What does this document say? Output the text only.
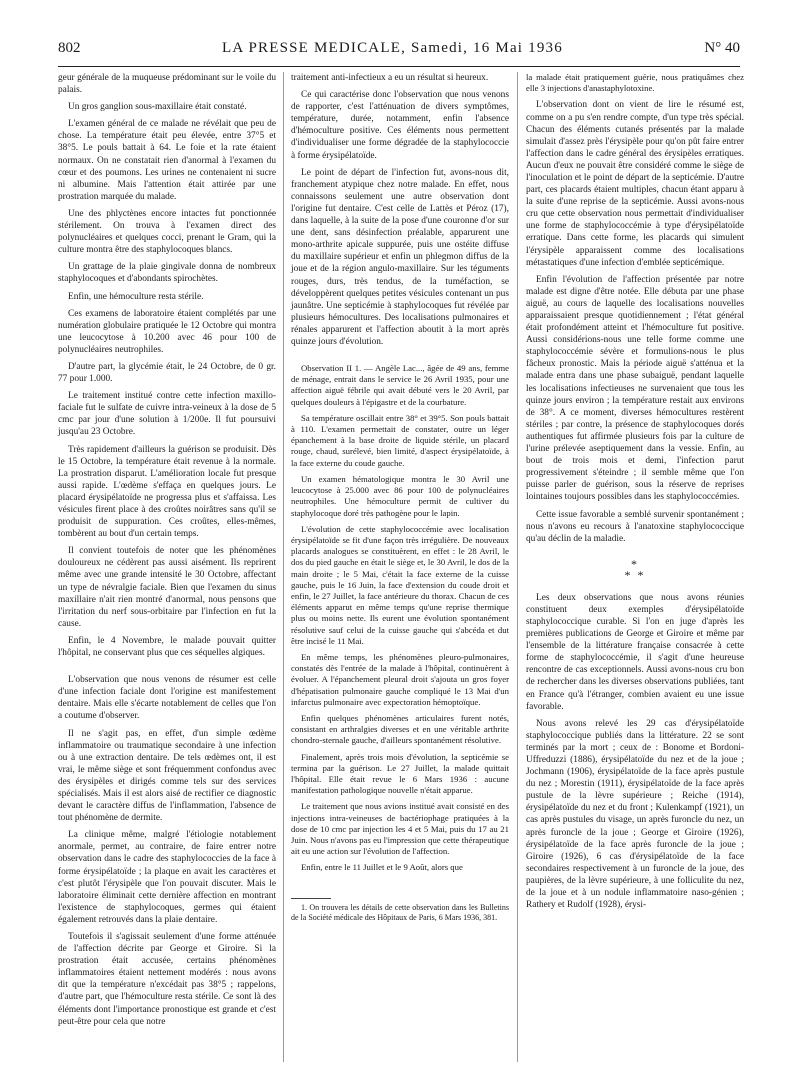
802	LA PRESSE MEDICALE, Samedi, 16 Mai 1936	N° 40

geur générale de la muqueuse prédominant sur le voile du palais.

Un gros ganglion sous-maxillaire était constaté.

L'examen général de ce malade ne révélait que peu de chose. La température était peu élevée, entre 37°5 et 38°5. Le pouls battait à 64. Le foie et la rate étaient normaux. On ne constatait rien d'anormal à l'examen du cœur et des poumons. Les urines ne contenaient ni sucre ni albumine. Mais l'attention était attirée par une prostration marquée du malade.

Une des phlyctènes encore intactes fut ponctionnée stérilement. On trouva à l'examen direct des polynucléaires et quelques cocci, prenant le Gram, qui la culture montra être des staphylocoques blancs.

Un grattage de la plaie gingivale donna de nombreux staphylocoques et d'abondants spirochètes.

Enfin, une hémoculture resta stérile.

Ces examens de laboratoire étaient complétés par une numération globulaire pratiquée le 12 Octobre qui montra une leucocytose à 10.200 avec 46 pour 100 de polynucléaires neutrophiles.

D'autre part, la glycémie était, le 24 Octobre, de 0 gr. 77 pour 1.000.

Le traitement institué contre cette infection maxillo-faciale fut le sulfate de cuivre intra-veineux à la dose de 5 cmc par jour d'une solution à 1/200e. Il fut poursuivi jusqu'au 23 Octobre.

Très rapidement d'ailleurs la guérison se produisit. Dès le 15 Octobre, la température était revenue à la normale. La prostration disparut. L'amélioration locale fut presque aussi rapide. L'œdème s'effaça en quelques jours. Le placard érysipélatoïde ne progressa plus et s'affaissa. Les vésicules firent place à des croûtes noirâtres sans qu'il se produisit de suppuration. Ces croûtes, elles-mêmes, tombèrent au bout d'un certain temps.

Il convient toutefois de noter que les phénomènes douloureux ne cédèrent pas aussi aisément. Ils reprirent même avec une grande intensité le 30 Octobre, affectant un type de névralgie faciale. Bien que l'examen du sinus maxillaire n'ait rien montré d'anormal, nous pensons que l'irritation du nerf sous-orbitaire par l'infection en fut la cause.

Enfin, le 4 Novembre, le malade pouvait quitter l'hôpital, ne conservant plus que ces séquelles algiques.

L'observation que nous venons de résumer est celle d'une infection faciale dont l'origine est manifestement dentaire. Mais elle s'écarte notablement de celles que l'on a coutume d'observer.

Il ne s'agit pas, en effet, d'un simple œdème inflammatoire ou traumatique secondaire à une infection ou à une extraction dentaire. De tels œdèmes ont, il est vrai, le même siège et sont fréquemment confondus avec des érysipèles et dirigés comme tels sur des services spécialisés. Mais il est alors aisé de rectifier ce diagnostic devant le caractère diffus de l'inflammation, l'absence de tout phénomène de dermite.

La clinique même, malgré l'étiologie notablement anormale, permet, au contraire, de faire entrer notre observation dans le cadre des staphylococcies de la face à forme érysipélatoïde ; la plaque en avait les caractères et c'est plutôt l'érysipèle que l'on pouvait discuter. Mais le laboratoire éliminait cette dernière affection en montrant l'existence de staphylocoques, germes qui étaient également retrouvés dans la plaie dentaire.

Toutefois il s'agissait seulement d'une forme atténuée de l'affection décrite par George et Giroire. Si la prostration était accusée, certains phénomènes inflammatoires étaient nettement modérés : nous avons dit que la température n'excédait pas 38°5 ; rappelons, d'autre part, que l'hémoculture resta stérile. Ce sont là des éléments dont l'importance pronostique est grande et c'est peut-être pour cela que notre

traitement anti-infectieux a eu un résultat si heureux.

Ce qui caractérise donc l'observation que nous venons de rapporter, c'est l'atténuation de divers symptômes, température, durée, notamment, enfin l'absence d'hémoculture positive. Ces éléments nous permettent d'individualiser une forme dégradée de la staphylococcie à forme érysipélatoïde.

Le point de départ de l'infection fut, avons-nous dit, franchement atypique chez notre malade. En effet, nous connaissons seulement une autre observation dont l'origine fut dentaire. C'est celle de Lattès et Péroz (17), dans laquelle, à la suite de la pose d'une couronne d'or sur une dent, sans désinfection préalable, apparurent une mono-arthrite apicale suppurée, puis une ostéite diffuse du maxillaire supérieur et enfin un phlegmon diffus de la joue et de la région angulo-maxillaire. Sur les téguments rouges, durs, très tendus, de la tuméfaction, se développèrent quelques petites vésicules contenant un pus jaunâtre. Une septicémie à staphylocoques fut révélée par plusieurs hémocultures. Des localisations pulmonaires et rénales apparurent et l'affection aboutit à la mort après quinze jours d'évolution.

Observation II 1. — Angèle Lac..., âgée de 49 ans, femme de ménage, entrait dans le service le 26 Avril 1935, pour une affection aiguë fébrile qui avait débuté vers le 20 Avril, par quelques douleurs à l'épigastre et de la courbature.

Sa température oscillait entre 38° et 39°5. Son pouls battait à 110. L'examen permettait de constater, outre un léger épanchement à la base droite de liquide stérile, un placard rouge, chaud, surélevé, bien limité, d'aspect érysipélatoïde, à la face externe du coude gauche.

Un examen hématologique montra le 30 Avril une leucocytose à 25.000 avec 86 pour 100 de polynucléaires neutrophiles. Une hémoculture permit de cultiver du staphylocoque doré très pathogène pour le lapin.

L'évolution de cette staphylococcémie avec localisation érysipélatoïde se fit d'une façon très irrégulière. De nouveaux placards analogues se constituèrent, en effet : le 28 Avril, le dos du pied gauche en était le siège et, le 30 Avril, le dos de la main droite ; le 5 Mai, c'était la face externe de la cuisse gauche, puis le 16 Juin, la face d'extension du coude droit et enfin, le 27 Juillet, la face antérieure du thorax. Chacun de ces éléments apparut en même temps qu'une reprise thermique plus ou moins nette. Ils eurent une évolution spontanément résolutive sauf celui de la cuisse gauche qui s'abcéda et dut être incisé le 11 Mai.

En même temps, les phénomènes pleuro-pulmonaires, constatés dès l'entrée de la malade à l'hôpital, continuèrent à évoluer. A l'épanchement pleural droit s'ajouta un gros foyer d'hépatisation pulmonaire gauche compliqué le 13 Mai d'un infarctus pulmonaire avec expectoration hémoptoïque.

Enfin quelques phénomènes articulaires furent notés, consistant en arthralgies diverses et en une véritable arthrite chondro-sternale gauche, d'ailleurs spontanément résolutive.

Finalement, après trois mois d'évolution, la septicémie se termina par la guérison. Le 27 Juillet, la malade quittait l'hôpital. Elle était revue le 6 Mars 1936 : aucune manifestation pathologique nouvelle n'était apparue.

Le traitement que nous avions institué avait consisté en des injections intra-veineuses de bactériophage pratiquées à la dose de 10 cmc par injection les 4 et 5 Mai, puis du 17 au 21 Juin. Nous n'avons pas eu l'impression que cette thérapeutique ait eu une action sur l'évolution de l'affection.

Enfin, entre le 11 Juillet et le 9 Août, alors que

1. On trouvera les détails de cette observation dans les Bulletins de la Société médicale des Hôpitaux de Paris, 6 Mars 1936, 381.

la malade était pratiquement guérie, nous pratiquâmes chez elle 3 injections d'anastaphylotoxine.

L'observation dont on vient de lire le résumé est, comme on a pu s'en rendre compte, d'un type très spécial. Chacun des éléments cutanés présentés par la malade simulait d'assez près l'érysipèle pour qu'on pût faire entrer l'affection dans le cadre général des érysipèles erratiques. Aucun d'eux ne pouvait être considéré comme le siège de l'inoculation et le point de départ de la septicémie. D'autre part, ces placards étaient multiples, chacun étant apparu à la suite d'une reprise de la septicémie. Aussi avons-nous cru que cette observation nous permettait d'individualiser une forme de staphylococcémie à type d'érysipélatoïde erratique. Dans cette forme, les placards qui simulent l'érysipèle apparaissent comme des localisations métastatiques d'une infection d'emblée septicémique.

Enfin l'évolution de l'affection présentée par notre malade est digne d'être notée. Elle débuta par une phase aiguë, au cours de laquelle des localisations nouvelles apparaissaient presque quotidiennement ; l'état général était profondément atteint et l'hémoculture fut positive. Aussi considérions-nous une telle forme comme une staphylococcémie sévère et formulions-nous le plus fâcheux pronostic. Mais la période aiguë s'atténua et la malade entra dans une phase subaiguë, pendant laquelle les localisations infectieuses ne survenaient que tous les quinze jours environ ; la température restait aux environs de 38°. A ce moment, diverses hémocultures restèrent stériles ; par contre, la présence de staphylocoques dorés authentiques fut affirmée plusieurs fois par la culture de l'urine prélevée aseptiquement dans la vessie. Enfin, au bout de trois mois et demi, l'infection parut progressivement s'éteindre ; il semble même que l'on puisse parler de guérison, sous la réserve de reprises lointaines toujours possibles dans les staphylococcémies.

Cette issue favorable a semblé survenir spontanément ; nous n'avons eu recours à l'anatoxine staphylococcique qu'au déclin de la maladie.

*
* *

Les deux observations que nous avons réunies constituent deux exemples d'érysipélatoïde staphylococcique curable. Si l'on en juge d'après les premières publications de George et Giroire et même par l'ensemble de la littérature française consacrée à cette forme de staphylococcémie, il s'agit d'une heureuse rencontre de cas exceptionnels. Aussi avons-nous cru bon de rechercher dans les diverses observations publiées, tant en France qu'à l'étranger, combien avaient eu une issue favorable.

Nous avons relevé les 29 cas d'érysipélatoïde staphylococcique publiés dans la littérature. 22 se sont terminés par la mort ; ceux de : Bonome et Bordoni-Uffreduzzi (1886), érysipélatoïde du nez et de la joue ; Jochmann (1906), érysipélatoïde de la face après pustule du nez ; Morestin (1911), érysipélatoïde de la face après pustule de la lèvre supérieure ; Reiche (1914), érysipélatoïde du nez et du front ; Kulenkampf (1921), un cas après pustules du visage, un après furoncle du nez, un après furoncle de la joue ; George et Giroire (1926), érysipélatoïde de la face après furoncle de la joue ; Giroire (1926), 6 cas d'érysipélatoïde de la face secondaires respectivement à un furoncle de la joue, des paupières, de la lèvre supérieure, à une folliculite du nez, de la joue et à un nodule inflammatoire naso-génien ; Rathery et Rudolf (1928), érysi-
